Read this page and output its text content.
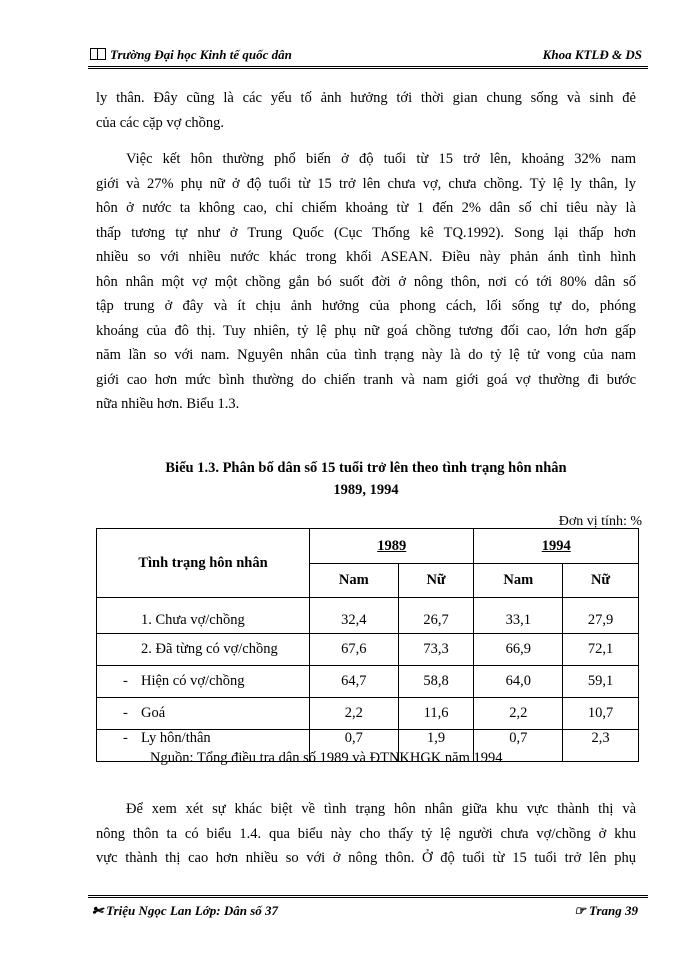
Trường Đại học Kinh tế quốc dân	Khoa KTLĐ & DS

ly thân. Đây cũng là các yếu tố ảnh hưởng tới thời gian chung sống và sinh đẻ
của các cặp vợ chồng.

Việc kết hôn thường phổ biến ở độ tuổi từ 15 trở lên, khoảng 32% nam
giới và 27% phụ nữ ở độ tuổi từ 15 trở lên chưa vợ, chưa chồng. Tỷ lệ ly thân, ly
hôn ở nước ta không cao, chỉ chiếm khoảng từ 1 đến 2% dân số chỉ tiêu này là
thấp tương tự như ở Trung Quốc (Cục Thống kê TQ.1992). Song lại thấp hơn
nhiều so với nhiều nước khác trong khối ASEAN. Điều này phản ánh tình hình
hôn nhân một vợ một chồng gắn bó suốt đời ở nông thôn, nơi có tới 80% dân số
tập trung ở đây và ít chịu ảnh hưởng của phong cách, lối sống tự do, phóng
khoáng của đô thị. Tuy nhiên, tỷ lệ phụ nữ goá chồng tương đối cao, lớn hơn gấp
năm lần so với nam. Nguyên nhân của tình trạng này là do tỷ lệ tử vong của nam
giới cao hơn mức bình thường do chiến tranh và nam giới goá vợ thường đi bước
nữa nhiều hơn. Biểu 1.3.

Biểu 1.3. Phân bố dân số 15 tuổi trở lên theo tình trạng hôn nhân
1989, 1994
Đơn vị tính: %
Tình trạng hôn nhân	1989		1994	
	Nam	Nữ	Nam	Nữ
1. Chưa vợ/chồng	32,4	26,7	33,1	27,9
2. Đã từng có vợ/chồng	67,6	73,3	66,9	72,1
- Hiện có vợ/chồng	64,7	58,8	64,0	59,1
- Goá	2,2	11,6	2,2	10,7
- Ly hôn/thân	0,7	1,9	0,7	2,3
Nguồn: Tổng điều tra dân số 1989 và ĐTNKHGK năm 1994

Để xem xét sự khác biệt về tình trạng hôn nhân giữa khu vực thành thị và
nông thôn ta có biểu 1.4. qua biểu này cho thấy tỷ lệ người chưa vợ/chồng ở khu
vực thành thị cao hơn nhiều so với ở nông thôn. Ở độ tuổi từ 15 tuổi trở lên phụ

✄ Triệu Ngọc Lan Lớp: Dân số 37	☞ Trang 39
